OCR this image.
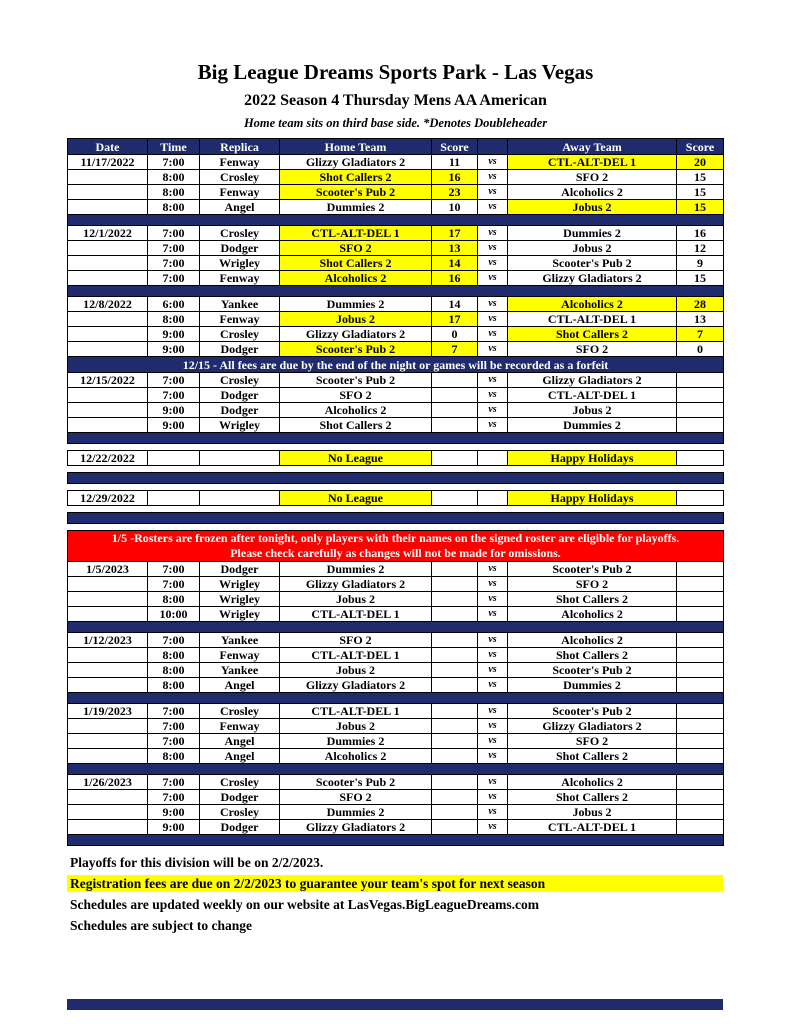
Big League Dreams Sports Park - Las Vegas
2022 Season 4 Thursday Mens AA American
Home team sits on third base side. *Denotes Doubleheader
Date	Time	Replica	Home Team	Score		Away Team	Score
11/17/2022	7:00	Fenway	Glizzy Gladiators 2	11	vs	CTL-ALT-DEL 1	20
	8:00	Crosley	Shot Callers 2	16	vs	SFO 2	15
	8:00	Fenway	Scooter's Pub 2	23	vs	Alcoholics 2	15
	8:00	Angel	Dummies 2	10	vs	Jobus 2	15

12/1/2022	7:00	Crosley	CTL-ALT-DEL 1	17	vs	Dummies 2	16
	7:00	Dodger	SFO 2	13	vs	Jobus 2	12
	7:00	Wrigley	Shot Callers 2	14	vs	Scooter's Pub 2	9
	7:00	Fenway	Alcoholics 2	16	vs	Glizzy Gladiators 2	15

12/8/2022	6:00	Yankee	Dummies 2	14	vs	Alcoholics 2	28
	8:00	Fenway	Jobus 2	17	vs	CTL-ALT-DEL 1	13
	9:00	Crosley	Glizzy Gladiators 2	0	vs	Shot Callers 2	7
	9:00	Dodger	Scooter's Pub 2	7	vs	SFO 2	0
12/15 - All fees are due by the end of the night or games will be recorded as a forfeit							
12/15/2022	7:00	Crosley	Scooter's Pub 2		vs	Glizzy Gladiators 2	
	7:00	Dodger	SFO 2		vs	CTL-ALT-DEL 1	
	9:00	Dodger	Alcoholics 2		vs	Jobus 2	
	9:00	Wrigley	Shot Callers 2		vs	Dummies 2	

12/22/2022			No League			Happy Holidays	

12/29/2022			No League			Happy Holidays	

1/5 -Rosters are frozen after tonight, only players with their names on the signed roster are eligible for playoffs.
Please check carefully as changes will not be made for omissions.							

1/5/2023	7:00	Dodger	Dummies 2		vs	Scooter's Pub 2	
	7:00	Wrigley	Glizzy Gladiators 2		vs	SFO 2	
	8:00	Wrigley	Jobus 2		vs	Shot Callers 2	
	10:00	Wrigley	CTL-ALT-DEL 1		vs	Alcoholics 2	

1/12/2023	7:00	Yankee	SFO 2		vs	Alcoholics 2	
	8:00	Fenway	CTL-ALT-DEL 1		vs	Shot Callers 2	
	8:00	Yankee	Jobus 2		vs	Scooter's Pub 2	
	8:00	Angel	Glizzy Gladiators 2		vs	Dummies 2	

1/19/2023	7:00	Crosley	CTL-ALT-DEL 1		vs	Scooter's Pub 2	
	7:00	Fenway	Jobus 2		vs	Glizzy Gladiators 2	
	7:00	Angel	Dummies 2		vs	SFO 2	
	8:00	Angel	Alcoholics 2		vs	Shot Callers 2	

1/26/2023	7:00	Crosley	Scooter's Pub 2		vs	Alcoholics 2	
	7:00	Dodger	SFO 2		vs	Shot Callers 2	
	9:00	Crosley	Dummies 2		vs	Jobus 2	
	9:00	Dodger	Glizzy Gladiators 2		vs	CTL-ALT-DEL 1	

Playoffs for this division will be on 2/2/2023.
Registration fees are due on 2/2/2023 to guarantee your team's spot for next season
Schedules are updated weekly on our website at LasVegas.BigLeagueDreams.com
Schedules are subject to change
